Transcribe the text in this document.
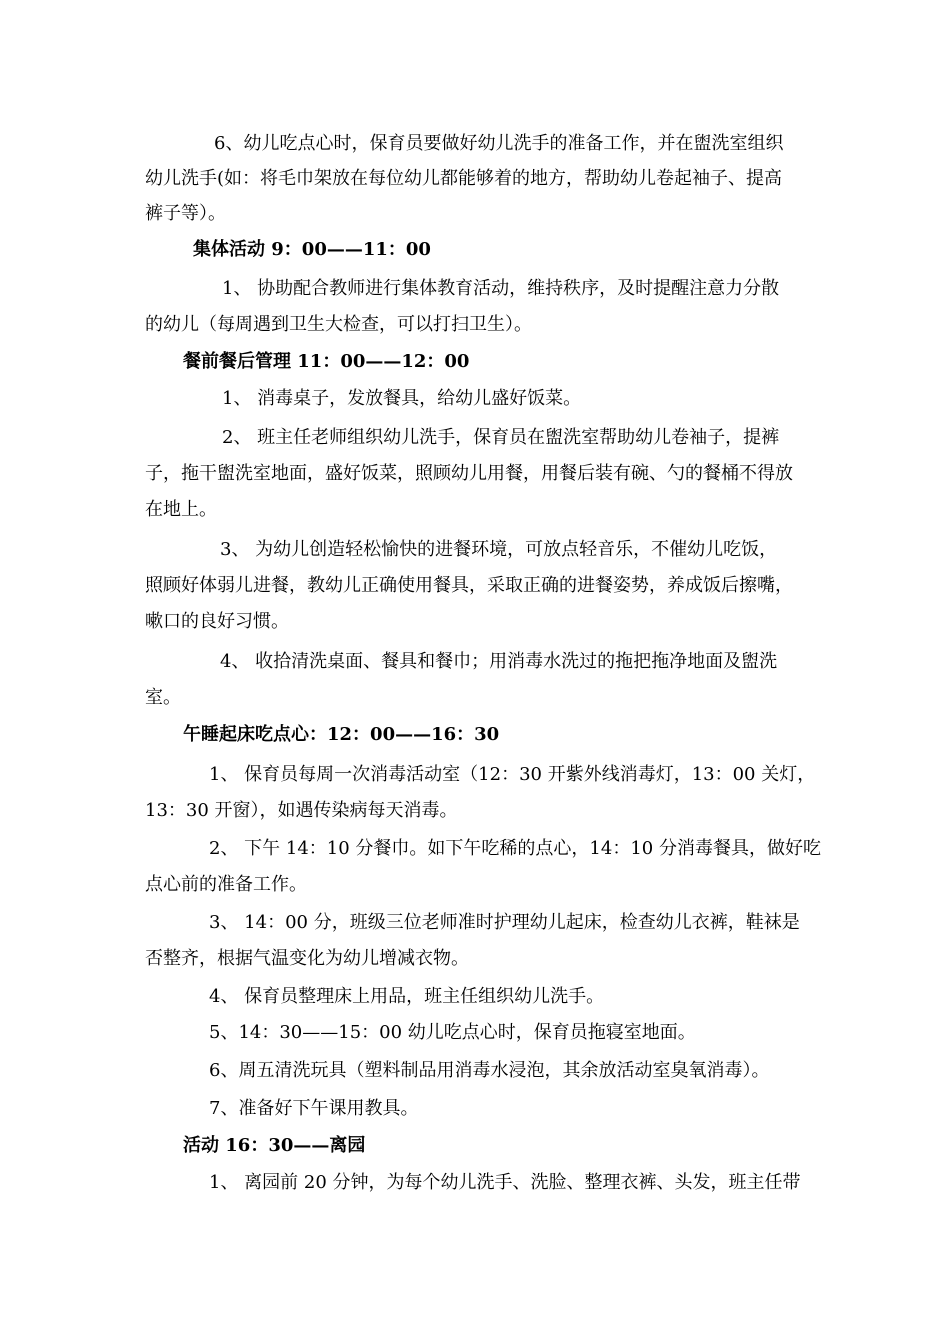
6、幼儿吃点心时，保育员要做好幼儿洗手的准备工作，并在盥洗室组织
幼儿洗手(如：将毛巾架放在每位幼儿都能够着的地方，帮助幼儿卷起袖子、提高
裤子等）。
集体活动 9：00——11：00
1、 协助配合教师进行集体教育活动，维持秩序，及时提醒注意力分散
的幼儿（每周遇到卫生大检查，可以打扫卫生）。
餐前餐后管理 11：00——12：00
1、 消毒桌子，发放餐具，给幼儿盛好饭菜。
2、 班主任老师组织幼儿洗手，保育员在盥洗室帮助幼儿卷袖子，提裤
子，拖干盥洗室地面，盛好饭菜，照顾幼儿用餐，用餐后装有碗、勺的餐桶不得放
在地上。
3、 为幼儿创造轻松愉快的进餐环境，可放点轻音乐，不催幼儿吃饭，
照顾好体弱儿进餐，教幼儿正确使用餐具，采取正确的进餐姿势，养成饭后擦嘴，
嗽口的良好习惯。
4、 收拾清洗桌面、餐具和餐巾；用消毒水洗过的拖把拖净地面及盥洗
室。
午睡起床吃点心：12：00——16：30
1、 保育员每周一次消毒活动室（12：30 开紫外线消毒灯，13：00 关灯，
13：30 开窗），如遇传染病每天消毒。
2、 下午 14：10 分餐巾。如下午吃稀的点心，14：10 分消毒餐具，做好吃
点心前的准备工作。
3、 14：00 分，班级三位老师准时护理幼儿起床，检查幼儿衣裤，鞋袜是
否整齐，根据气温变化为幼儿增减衣物。
4、 保育员整理床上用品，班主任组织幼儿洗手。
5、14：30——15：00 幼儿吃点心时，保育员拖寝室地面。
6、周五清洗玩具（塑料制品用消毒水浸泡，其余放活动室臭氧消毒）。
7、准备好下午课用教具。
活动 16：30——离园
1、 离园前 20 分钟，为每个幼儿洗手、洗脸、整理衣裤、头发，班主任带
